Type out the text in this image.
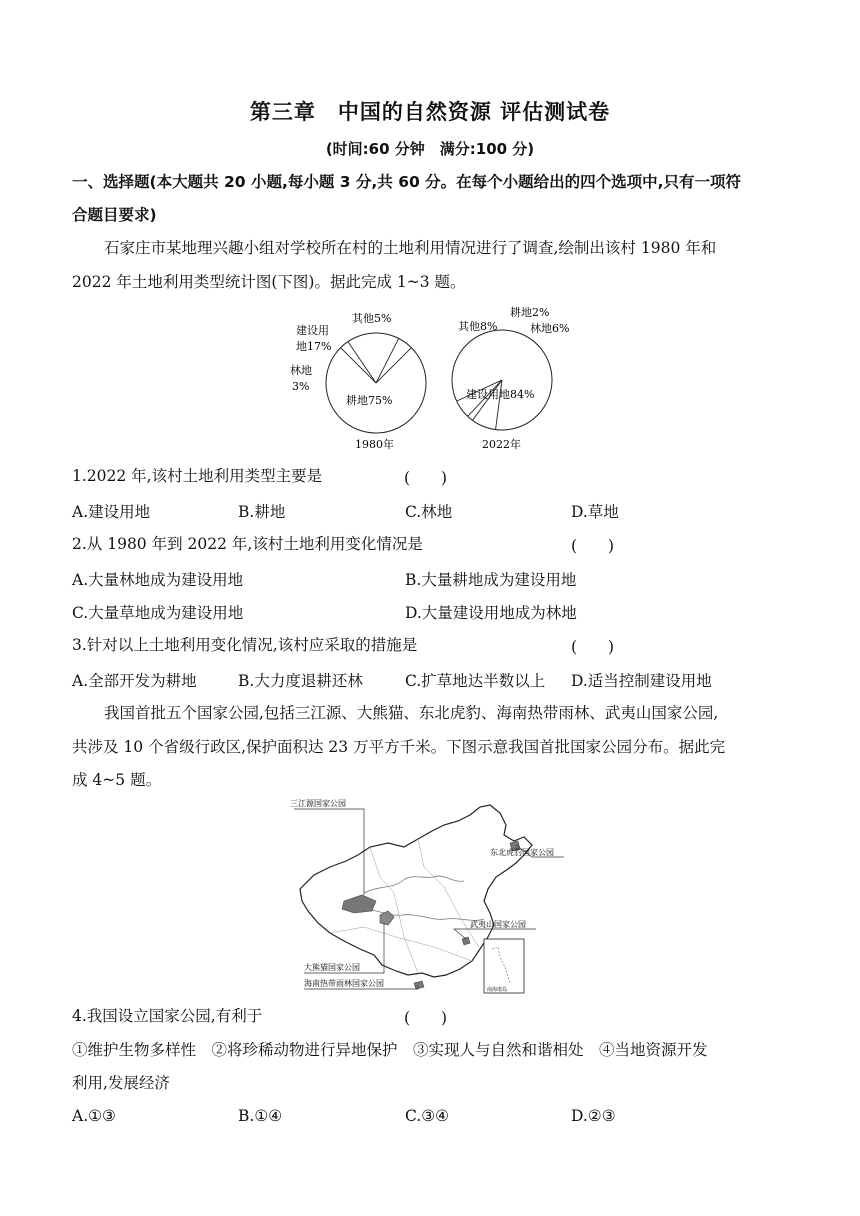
第三章　中国的自然资源 评估测试卷
(时间:60 分钟　满分:100 分)
一、选择题(本大题共 20 小题,每小题 3 分,共 60 分。在每个小题给出的四个选项中,只有一项符
合题目要求)
石家庄市某地理兴趣小组对学校所在村的土地利用情况进行了调查,绘制出该村 1980 年和
2022 年土地利用类型统计图(下图)。据此完成 1~3 题。
其他5%
建设用
地17%
林地
3%
耕地75%
1980年
耕地2%
其他8%	林地6%
建设用地84%
2022年
1.2022 年,该村土地利用类型主要是	(　　)
A.建设用地	B.耕地	C.林地	D.草地
2.从 1980 年到 2022 年,该村土地利用变化情况是	(　　)
A.大量林地成为建设用地	B.大量耕地成为建设用地
C.大量草地成为建设用地	D.大量建设用地成为林地
3.针对以上土地利用变化情况,该村应采取的措施是	(　　)
A.全部开发为耕地	B.大力度退耕还林	C.扩草地达半数以上 D.适当控制建设用地
我国首批五个国家公园,包括三江源、大熊猫、东北虎豹、海南热带雨林、武夷山国家公园,
共涉及 10 个省级行政区,保护面积达 23 万平方千米。下图示意我国首批国家公园分布。据此完
成 4~5 题。
南海诸岛
三江源国家公园
东北虎豹国家公园
武夷山国家公园
大熊猫国家公园
海南热带雨林国家公园
4.我国设立国家公园,有利于	(　　)
①维护生物多样性　②将珍稀动物进行异地保护　③实现人与自然和谐相处　④当地资源开发
利用,发展经济
A.①③	B.①④	C.③④	D.②③
